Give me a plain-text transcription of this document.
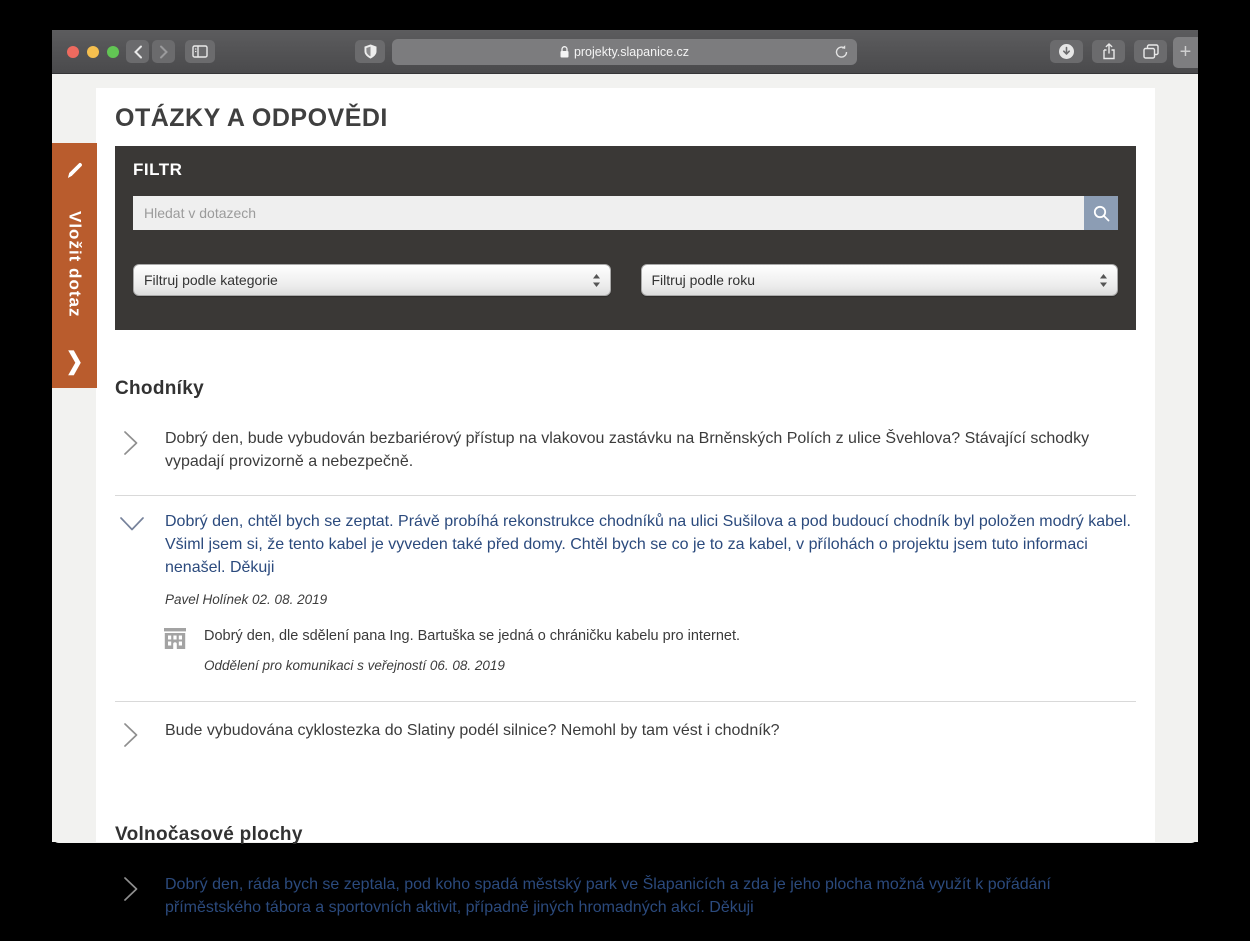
projekty.slapanice.cz	+
Vložit dotaz
❯
OTÁZKY A ODPOVĚDI
FILTR
Hledat v dotazech
Filtruj podle kategorie	Filtruj podle roku
Chodníky
Dobrý den, bude vybudován bezbariérový přístup na vlakovou zastávku na Brněnských Polích z ulice Švehlova? Stávající schodky vypadají provizorně a nebezpečně.
Dobrý den, chtěl bych se zeptat. Právě probíhá rekonstrukce chodníků na ulici Sušilova a pod budoucí chodník byl položen modrý kabel. Všiml jsem si, že tento kabel je vyveden také před domy. Chtěl bych se co je to za kabel, v přílohách o projektu jsem tuto informaci nenašel. Děkuji
Pavel Holínek 02. 08. 2019
Dobrý den, dle sdělení pana Ing. Bartuška se jedná o chráničku kabelu pro internet.
Oddělení pro komunikaci s veřejností 06. 08. 2019
Bude vybudována cyklostezka do Slatiny podél silnice? Nemohl by tam vést i chodník?
Volnočasové plochy
Dobrý den, ráda bych se zeptala, pod koho spadá městský park ve Šlapanicích a zda je jeho plocha možná využít k pořádání příměstského tábora a sportovních aktivit, případně jiných hromadných akcí. Děkuji
